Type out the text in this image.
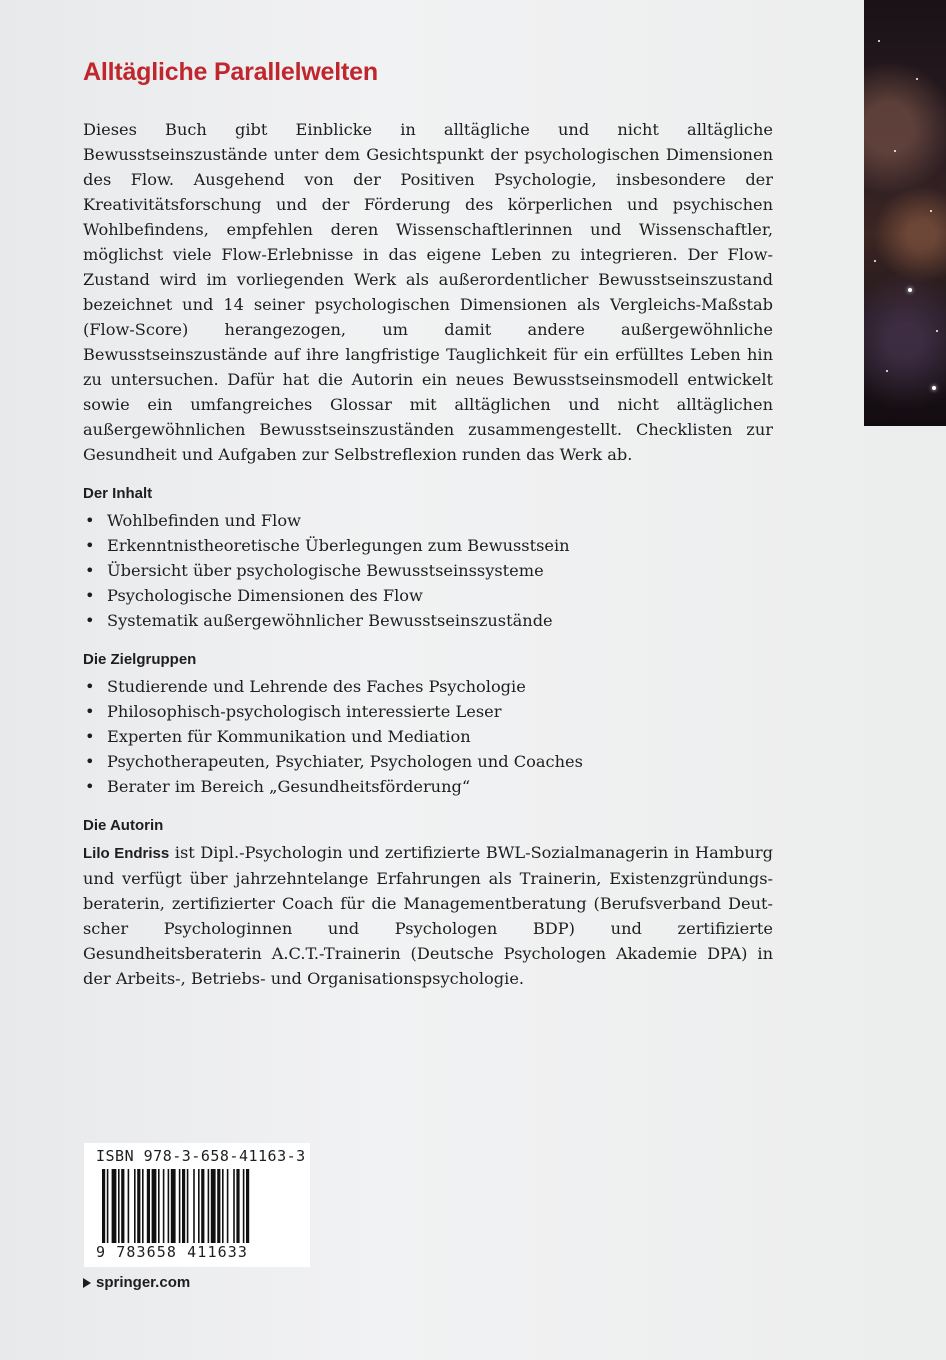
Alltägliche Parallelwelten

Dieses Buch gibt Einblicke in alltägliche und nicht alltägliche Bewusstseinszustände unter dem Gesichtspunkt der psychologischen Dimensionen des Flow. Ausgehend von der Positiven Psychologie, insbesondere der Kreativitätsforschung und der Förderung des körperlichen und psychischen Wohlbefindens, empfehlen deren Wissenschaftlerinnen und Wissenschaftler, möglichst viele Flow-Erlebnisse in das eigene Leben zu integrieren. Der Flow-Zustand wird im vorliegenden Werk als außerordentlicher Bewusstseinszustand bezeichnet und 14 seiner psychologischen Dimensionen als Vergleichs-Maßstab (Flow-Score) herangezogen, um damit andere außergewöhnliche Bewusstseinszustände auf ihre langfristige Tauglichkeit für ein erfülltes Leben hin zu untersuchen. Dafür hat die Autorin ein neues Bewusstseinsmodell entwickelt sowie ein umfangreiches Glossar mit alltäglichen und nicht alltäglichen außergewöhnlichen Bewusstseinszuständen zusammengestellt. Checklisten zur Gesundheit und Aufgaben zur Selbstreflexion runden das Werk ab.

Der Inhalt
• Wohlbefinden und Flow
• Erkenntnistheoretische Überlegungen zum Bewusstsein
• Übersicht über psychologische Bewusstseinssysteme
• Psychologische Dimensionen des Flow
• Systematik außergewöhnlicher Bewusstseinszustände
Die Zielgruppen
• Studierende und Lehrende des Faches Psychologie
• Philosophisch-psychologisch interessierte Leser
• Experten für Kommunikation und Mediation
• Psychotherapeuten, Psychiater, Psychologen und Coaches
• Berater im Bereich „Gesundheitsförderung“
Die Autorin

Lilo Endriss ist Dipl.-Psychologin und zertifizierte BWL-Sozialmanagerin in Hamburg und verfügt über jahrzehntelange Erfahrungen als Trainerin, Existenzgründungsberaterin, zertifizierter Coach für die Managementberatung (Berufsverband Deutscher Psychologinnen und Psychologen BDP) und zertifizierte Gesundheitsberaterin A.C.T.-Trainerin (Deutsche Psychologen Akademie DPA) in der Arbeits-, Betriebs- und Organisationspsychologie.

ISBN 978-3-658-41163-3
9 783658 411633
springer.com
